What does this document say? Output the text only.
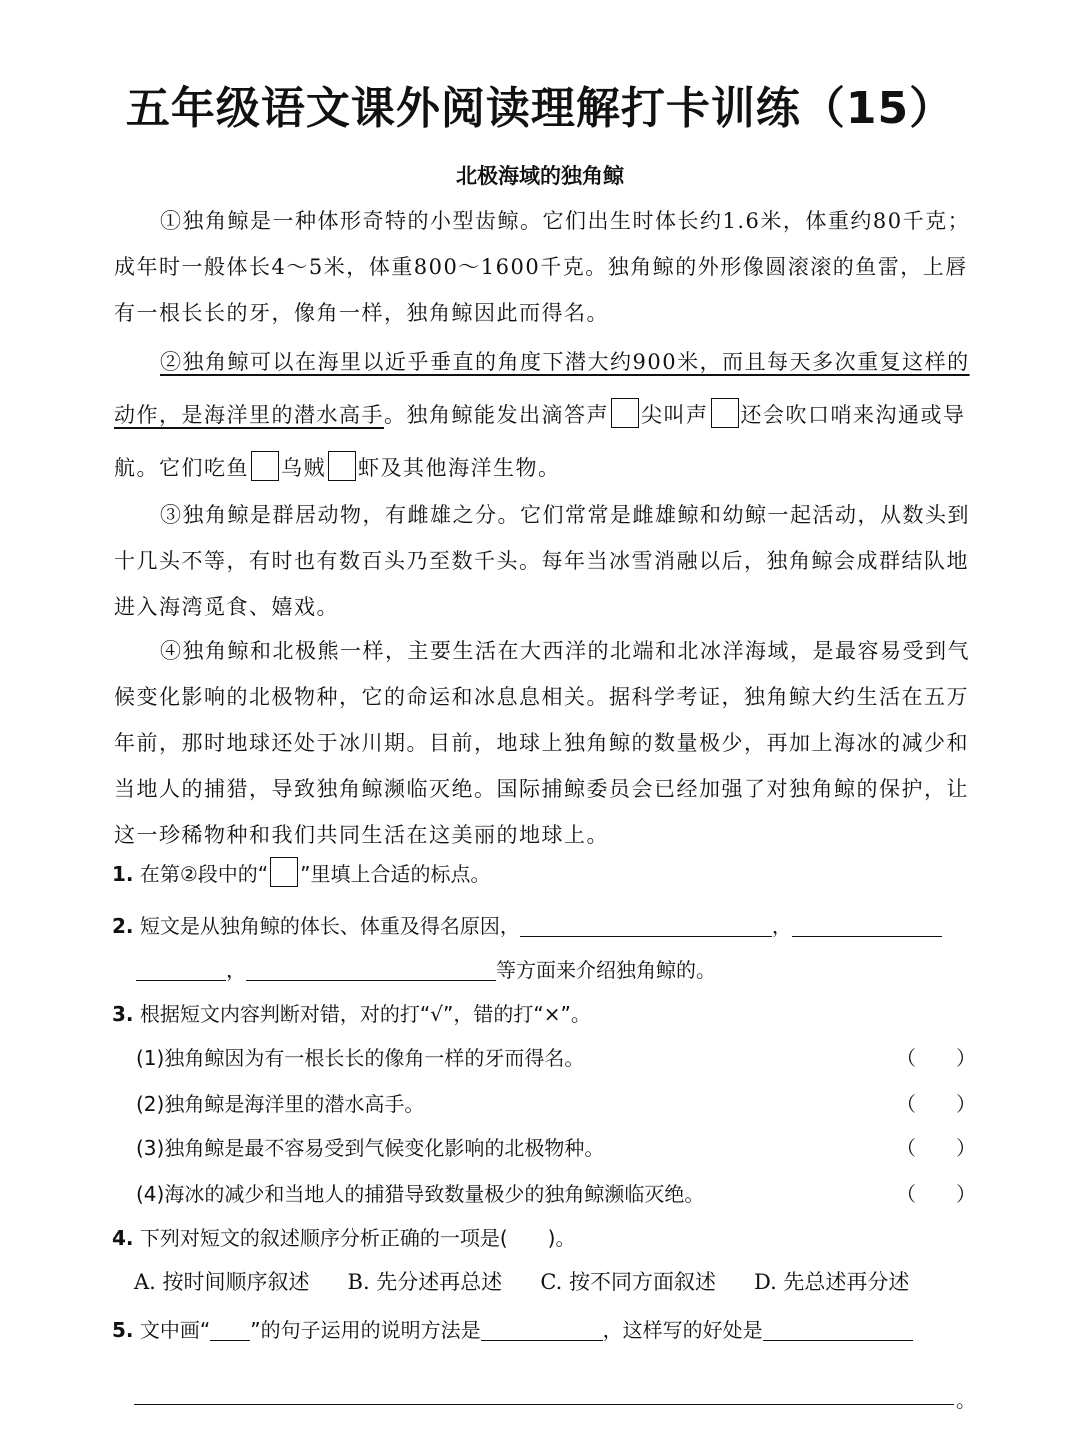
五年级语文课外阅读理解打卡训练（15）
北极海域的独角鲸
①独角鲸是一种体形奇特的小型齿鲸。它们出生时体长约1.6米，体重约80千克；成年时一般体长4～5米，体重800～1600千克。独角鲸的外形像圆滚滚的鱼雷，上唇有一根长长的牙，像角一样，独角鲸因此而得名。
②独角鲸可以在海里以近乎垂直的角度下潜大约900米，而且每天多次重复这样的动作，是海洋里的潜水高手。独角鲸能发出滴答声 尖叫声 还会吹口哨来沟通或导航。它们吃鱼 乌贼 虾及其他海洋生物。
③独角鲸是群居动物，有雌雄之分。它们常常是雌雄鲸和幼鲸一起活动，从数头到十几头不等，有时也有数百头乃至数千头。每年当冰雪消融以后，独角鲸会成群结队地进入海湾觅食、嬉戏。
④独角鲸和北极熊一样，主要生活在大西洋的北端和北冰洋海域，是最容易受到气候变化影响的北极物种，它的命运和冰息息相关。据科学考证，独角鲸大约生活在五万年前，那时地球还处于冰川期。目前，地球上独角鲸的数量极少，再加上海冰的减少和当地人的捕猎，导致独角鲸濒临灭绝。国际捕鲸委员会已经加强了对独角鲸的保护，让这一珍稀物种和我们共同生活在这美丽的地球上。
1. 在第②段中的“ ”里填上合适的标点。
2. 短文是从独角鲸的体长、体重及得名原因，	，
，	等方面来介绍独角鲸的。
3. 根据短文内容判断对错，对的打“√”，错的打“×”。
(1)独角鲸因为有一根长长的像角一样的牙而得名。	（　　）
(2)独角鲸是海洋里的潜水高手。	（　　）
(3)独角鲸是最不容易受到气候变化影响的北极物种。	（　　）
(4)海冰的减少和当地人的捕猎导致数量极少的独角鲸濒临灭绝。	（　　）
4. 下列对短文的叙述顺序分析正确的一项是(　　)。
A. 按时间顺序叙述 B. 先分述再总述 C. 按不同方面叙述 D. 先总述再分述
5. 文中画“ ”的句子运用的说明方法是	，这样写的好处是
。
